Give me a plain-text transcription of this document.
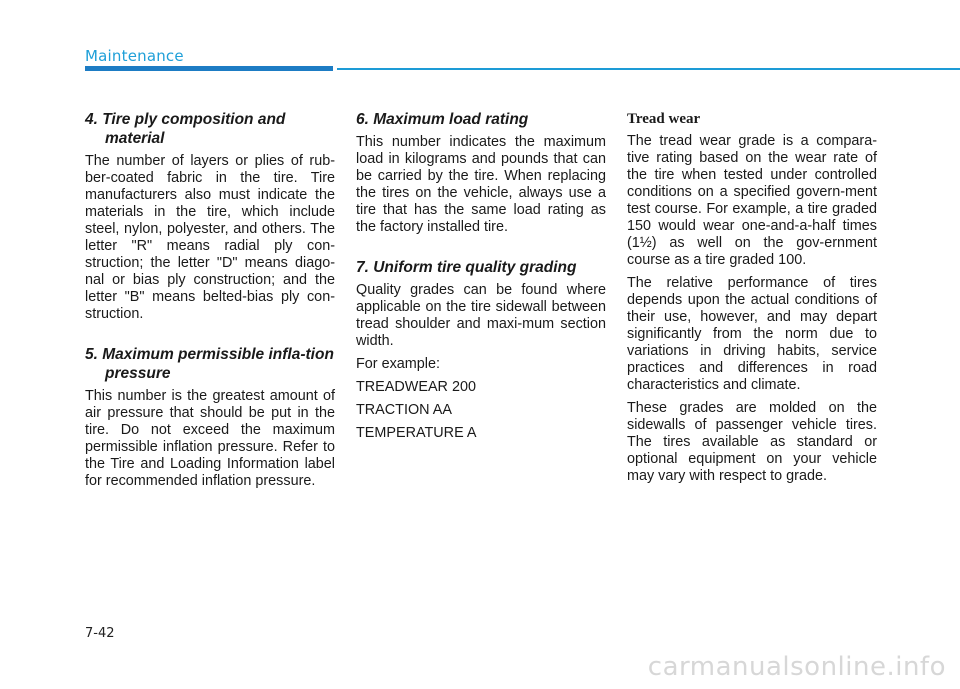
Maintenance
4. Tire ply composition and material

The number of layers or plies of rub-ber-coated fabric in the tire. Tire manufacturers also must indicate the materials in the tire, which include steel, nylon, polyester, and others. The letter "R" means radial ply con-struction; the letter "D" means diago-nal or bias ply construction; and the letter "B" means belted-bias ply con-struction.

5. Maximum permissible infla-tion pressure

This number is the greatest amount of air pressure that should be put in the tire. Do not exceed the maximum permissible inflation pressure. Refer to the Tire and Loading Information label for recommended inflation pressure.

6. Maximum load rating

This number indicates the maximum load in kilograms and pounds that can be carried by the tire. When replacing the tires on the vehicle, always use a tire that has the same load rating as the factory installed tire.

7. Uniform tire quality grading

Quality grades can be found where applicable on the tire sidewall between tread shoulder and maxi-mum section width.

For example:

TREADWEAR 200

TRACTION AA

TEMPERATURE A

Tread wear

The tread wear grade is a compara-tive rating based on the wear rate of the tire when tested under controlled conditions on a specified govern-ment test course. For example, a tire graded 150 would wear one-and-a-half times (1½) as well on the gov-ernment course as a tire graded 100.

The relative performance of tires depends upon the actual conditions of their use, however, and may depart significantly from the norm due to variations in driving habits, service practices and differences in road characteristics and climate.

These grades are molded on the sidewalls of passenger vehicle tires. The tires available as standard or optional equipment on your vehicle may vary with respect to grade.

7-42
carmanualsonline.info
